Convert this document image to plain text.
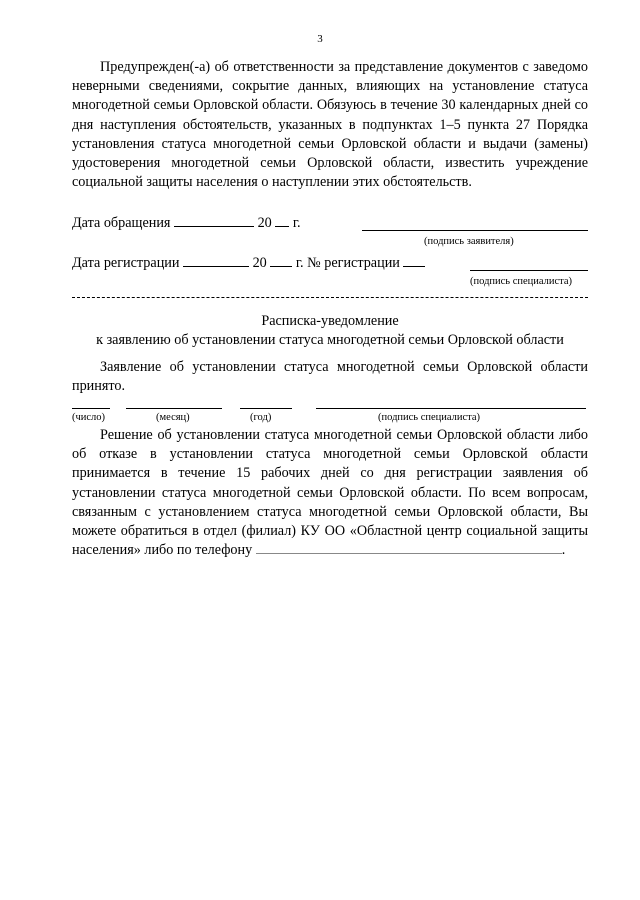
3

Предупрежден(-а) об ответственности за представление документов с заведомо неверными сведениями, сокрытие данных, влияющих на установление статуса многодетной семьи Орловской области. Обязуюсь в течение 30 календарных дней со дня наступления обстоятельств, указанных в подпунктах 1–5 пункта 27 Порядка установления статуса многодетной семьи Орловской области и выдачи (замены) удостоверения многодетной семьи Орловской области, известить учреждение социальной защиты населения о наступлении этих обстоятельств.

Дата обращения	20 г.
(подпись заявителя)
Дата регистрации	20 г. № регистрации
(подпись специалиста)
Расписка-уведомление
к заявлению об установлении статуса многодетной семьи Орловской области

Заявление об установлении статуса многодетной семьи Орловской области принято.

(число)	(месяц)	(год)	(подпись специалиста)

Решение об установлении статуса многодетной семьи Орловской области либо об отказе в установлении статуса многодетной семьи Орловской области принимается в течение 15 рабочих дней со дня регистрации заявления об установлении статуса многодетной семьи Орловской области. По всем вопросам, связанным с установлением статуса многодетной семьи Орловской области, Вы можете обратиться в отдел (филиал) КУ ОО «Областной центр социальной защиты населения» либо по телефону	.
